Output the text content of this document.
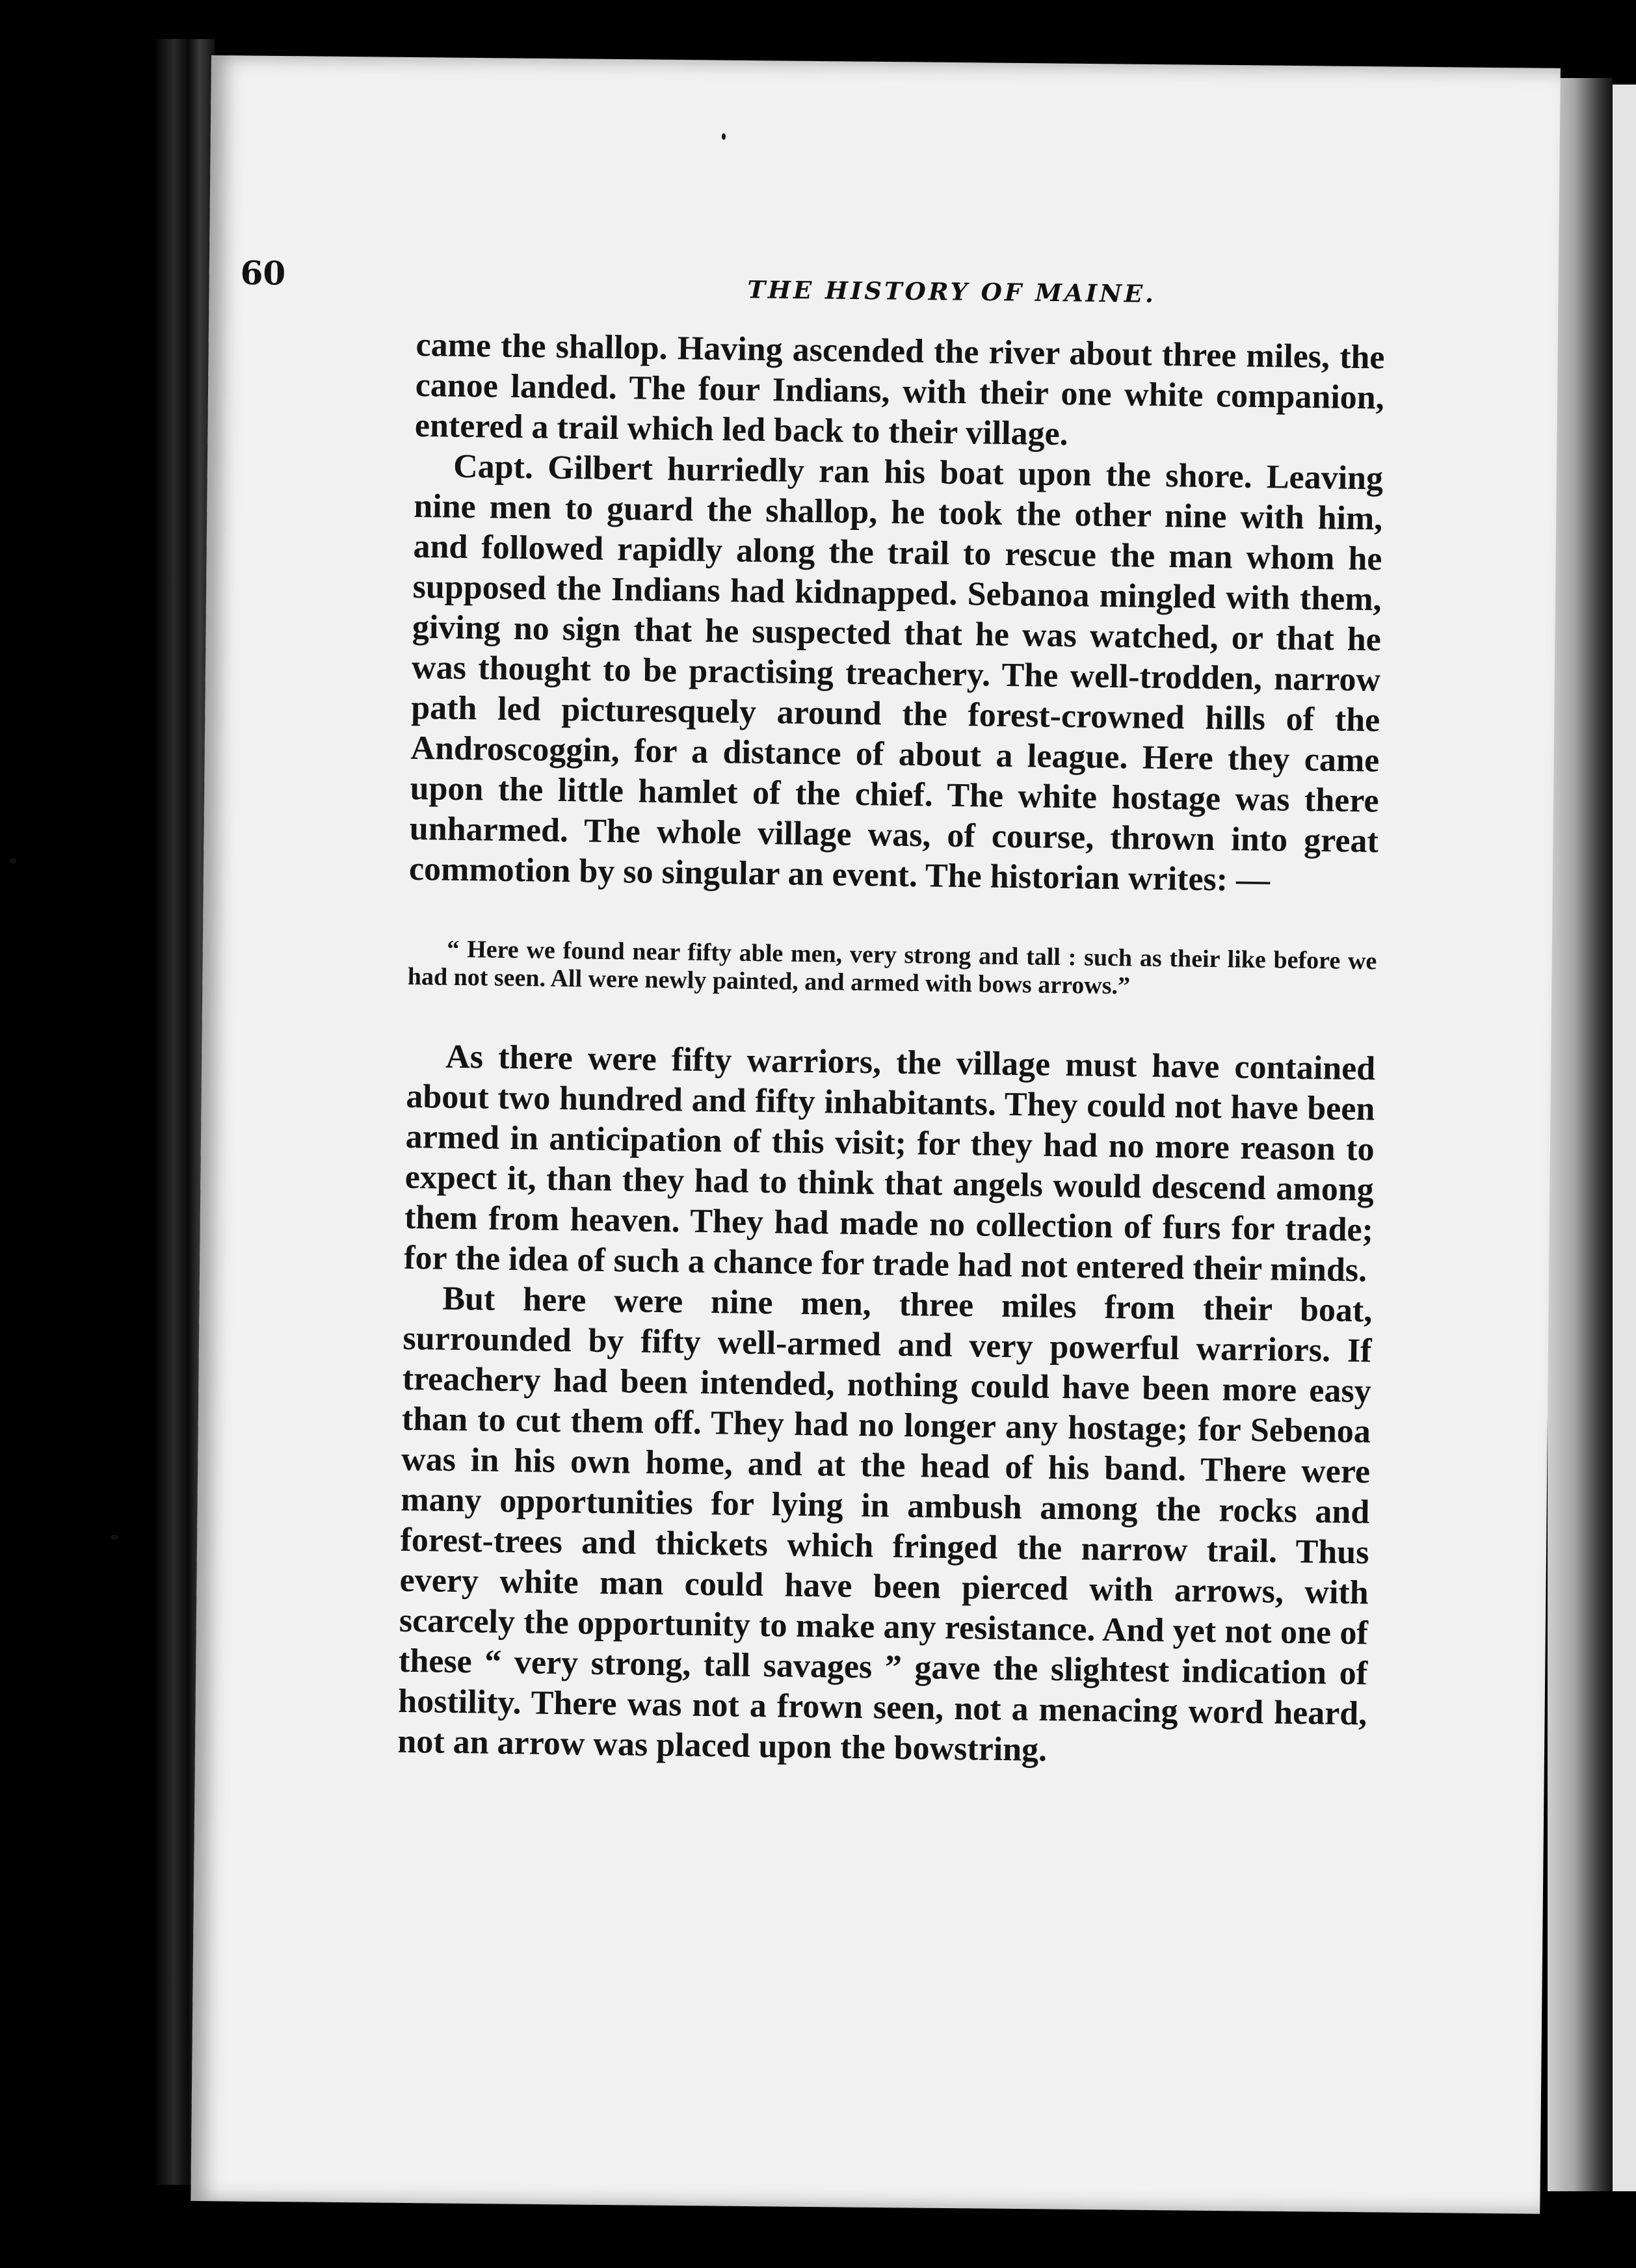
60	THE HISTORY OF MAINE.

came the shallop. Having ascended the river about three miles, the canoe landed. The four Indians, with their one white companion, entered a trail which led back to their village.

Capt. Gilbert hurriedly ran his boat upon the shore. Leaving nine men to guard the shallop, he took the other nine with him, and followed rapidly along the trail to rescue the man whom he supposed the Indians had kidnapped. Sebanoa mingled with them, giving no sign that he suspected that he was watched, or that he was thought to be practising treachery. The well-trodden, narrow path led picturesquely around the forest-crowned hills of the Androscoggin, for a distance of about a league. Here they came upon the little hamlet of the chief. The white hostage was there unharmed. The whole village was, of course, thrown into great commotion by so singular an event. The historian writes: —

“ Here we found near fifty able men, very strong and tall : such as their like before we had not seen. All were newly painted, and armed with bows arrows.”

As there were fifty warriors, the village must have contained about two hundred and fifty inhabitants. They could not have been armed in anticipation of this visit; for they had no more reason to expect it, than they had to think that angels would descend among them from heaven. They had made no collection of furs for trade; for the idea of such a chance for trade had not entered their minds.

But here were nine men, three miles from their boat, surrounded by fifty well-armed and very powerful warriors. If treachery had been intended, nothing could have been more easy than to cut them off. They had no longer any hostage; for Sebenoa was in his own home, and at the head of his band. There were many opportunities for lying in ambush among the rocks and forest-trees and thickets which fringed the narrow trail. Thus every white man could have been pierced with arrows, with scarcely the opportunity to make any resistance. And yet not one of these “ very strong, tall savages ” gave the slightest indication of hostility. There was not a frown seen, not a menacing word heard, not an arrow was placed upon the bowstring.
